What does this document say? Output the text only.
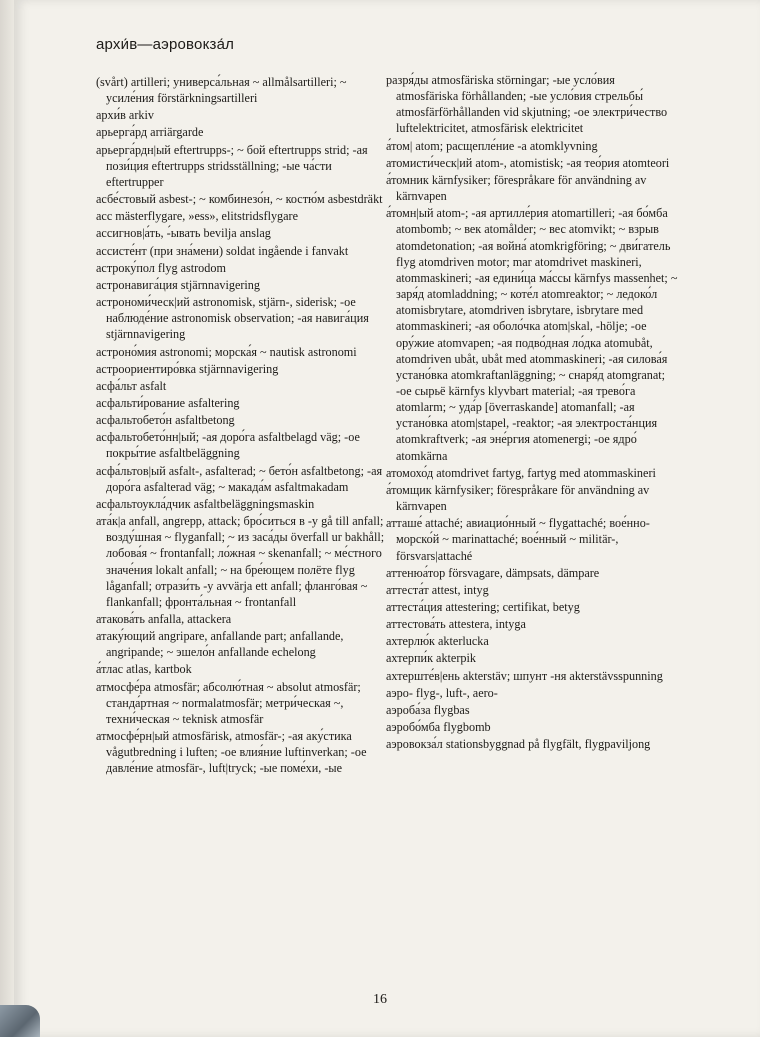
архи́в—аэровокза́л
(svårt) artilleri; универса́льная ~ allmålsartilleri; ~ усиле́ния förstärkningsartilleri
архи́в arkiv
арьерга́рд arriärgarde
арьерга́рдн|ый eftertrupps-; ~ бой eftertrupps strid; -ая пози́ция eftertrupps stridsställning; -ые ча́сти eftertrupper
асбе́стовый asbest-; ~ комбинезо́н, ~ костю́м asbestdräkt
асс mästerflygare, »ess», elitstridsflygare
ассигнов|а́ть, -́ывать bevilja anslag
ассисте́нт (при зна́мени) soldat ingående i fanvakt
астроку́пол flyg astrodom
астронавига́ция stjärnnavigering
астрономи́ческ|ий astronomisk, stjärn-, siderisk; -ое наблюде́ние astronomisk observation; -ая навига́ция stjärnnavigering
астроно́мия astronomi; морска́я ~ nautisk astronomi
астроориентиро́вка stjärnnavigering
асфа́льт asfalt
асфальти́рование asfaltering
асфальтобето́н asfaltbetong
асфальтобето́нн|ый; -ая доро́га asfaltbelagd väg; -ое покры́тие asfaltbeläggning
асфа́льтов|ый asfalt-, asfalterad; ~ бето́н asfaltbetong; -ая доро́га asfalterad väg; ~ макада́м asfaltmakadam
асфальтоукла́дчик asfaltbeläggningsmaskin
ата́к|а anfall, angrepp, attack; бро́ситься в -у gå till anfall; возду́шная ~ flyganfall; ~ из заса́ды överfall ur bakhåll; лобова́я ~ frontanfall; ло́жная ~ skenanfall; ~ ме́стного значе́ния lokalt anfall; ~ на бре́ющем полёте flyg låganfall; отрази́ть -у avvärja ett anfall; фланго́вая ~ flankanfall; фронта́льная ~ frontanfall
атакова́ть anfalla, attackera
атаку́ющий angripare, anfallande part; anfallande, angripande; ~ эшело́н anfallande echelong
а́тлас atlas, kartbok
атмосфе́ра atmosfär; абсолю́тная ~ absolut atmosfär; станда́ртная ~ normalatmosfär; метри́ческая ~, техни́ческая ~ teknisk atmosfär
атмосфе́рн|ый atmosfärisk, atmosfär-; -ая аку́стика vågutbredning i luften; -ое влия́ние luftinverkan; -ое давле́ние atmosfär-, luft|tryck; -ые поме́хи, -ые
разря́ды atmosfäriska störningar; -ые усло́вия atmosfäriska förhållanden; -ые усло́вия стрельбы́ atmosfärförhållanden vid skjutning; -ое электри́чество luftelektricitet, atmosfärisk elektricitet
а́том| atom; расщепле́ние -а atomklyvning
атомисти́ческ|ий atom-, atomistisk; -ая тео́рия atomteori
а́томник kärnfysiker; förespråkare för användning av kärnvapen
а́томн|ый atom-; -ая артилле́рия atomartilleri; -ая бо́мба atombomb; ~ век atomålder; ~ вес atomvikt; ~ взрыв atomdetonation; -ая война́ atomkrigföring; ~ дви́гатель flyg atomdriven motor; mar atomdrivet maskineri, atommaskineri; -ая едини́ца ма́ссы kärnfys massenhet; ~ заря́д atomladdning; ~ коте́л atomreaktor; ~ ледоко́л atomisbrytare, atomdriven isbrytare, isbrytare med atommaskineri; -ая оболо́чка atom|skal, -hölje; -ое ору́жие atomvapen; -ая подво́дная ло́дка atomubåt, atomdriven ubåt, ubåt med atommaskineri; -ая силова́я устано́вка atomkraftanläggning; ~ снаря́д atomgranat; -ое сырьё kärnfys klyvbart material; -ая трево́га atomlarm; ~ уда́р [överraskande] atomanfall; -ая устано́вка atom|stapel, -reaktor; -ая электроста́нция atomkraftverk; -ая эне́ргия atomenergi; -ое ядро́ atomkärna
атомохо́д atomdrivet fartyg, fartyg med atommaskineri
а́томщик kärnfysiker; förespråkare för användning av kärnvapen
атташе́ attaché; авиацио́нный ~ flygattaché; вое́нно-морско́й ~ marinattaché; вое́нный ~ militär-, försvars|attaché
аттенюа́тор försvagare, dämpsats, dämpare
аттеста́т attest, intyg
аттеста́ция attestering; certifikat, betyg
аттестова́ть attestera, intyga
ахтерлю́к akterlucka
ахтерпи́к akterpik
ахтерште́в|ень akterstäv; шпунт -ня akterstävsspunning
аэро- flyg-, luft-, aero-
аэроба́за flygbas
аэробо́мба flygbomb
аэровокза́л stationsbyggnad på flygfält, flygpaviljong
16
